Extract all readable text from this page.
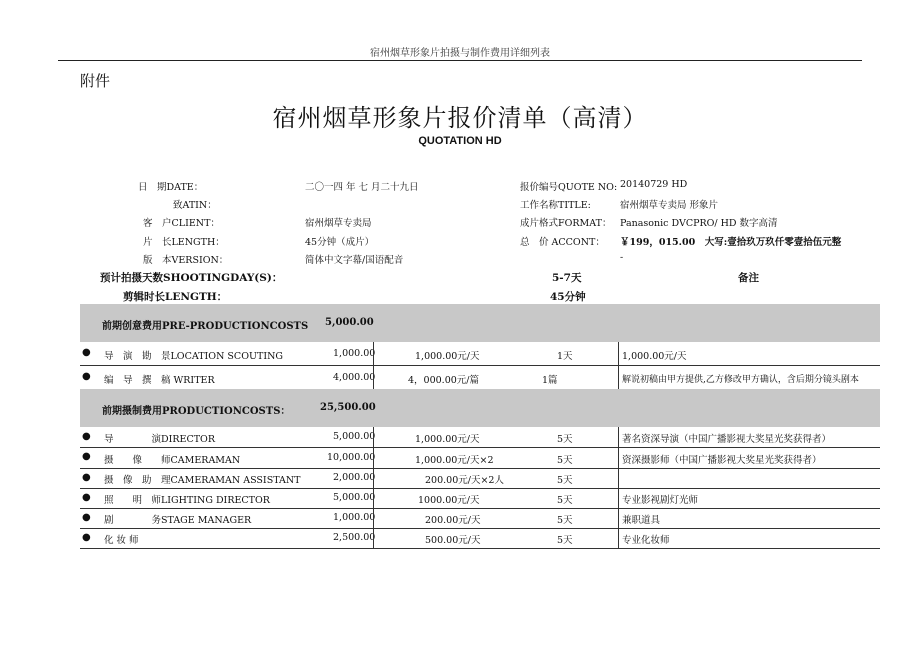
宿州烟草形象片拍摄与制作费用详细列表
附件
宿州烟草形象片报价清单（高清）
QUOTATION HD
日　期DATE：	二〇一四 年 七 月二十九日	报价编号QUOTE NO: 20140729 HD
致ATIN：	工作名称TITLE:	宿州烟草专卖局 形象片
客　户CLIENT：	宿州烟草专卖局	成片格式FORMAT： Panasonic DVCPRO/ HD 数字高清
片　长LENGTH：	45分钟（成片）	总　价 ACCONT： ￥199，015.00　大写:壹拾玖万玖仟零壹拾伍元整
版　本VERSION：	简体中文字幕/国语配音	-
预计拍摄天数SHOOTINGDAY(S)：	5-7天	备注
剪辑时长LENGTH：	45分钟
前期创意费用PRE-PRODUCTIONCOSTS 5,000.00
● 导　演　勘　景LOCATION SCOUTING	1,000.00	1,000.00元/天	1天	1,000.00元/天
● 编　导　撰　稿 WRITER	4,000.00	4，000.00元/篇	1篇	解说初稿由甲方提供,乙方修改甲方确认，含后期分镜头剧本
前期摄制费用PRODUCTIONCOSTS：	25,500.00
● 导　　　　演DIRECTOR	5,000.00	1,000.00元/天	5天	著名资深导演（中国广播影视大奖星光奖获得者）
● 摄　　像　　师CAMERAMAN	10,000.00	1,000.00元/天×2	5天	资深摄影师（中国广播影视大奖星光奖获得者）
● 摄　像　助　理CAMERAMAN ASSISTANT	2,000.00	200.00元/天×2人	5天
● 照　　明　师LIGHTING DIRECTOR	5,000.00	1000.00元/天	5天	专业影视剧灯光师
● 剧　　　　务STAGE MANAGER	1,000.00	200.00元/天	5天	兼职道具
● 化 妆 师	2,500.00	500.00元/天	5天	专业化妆师
